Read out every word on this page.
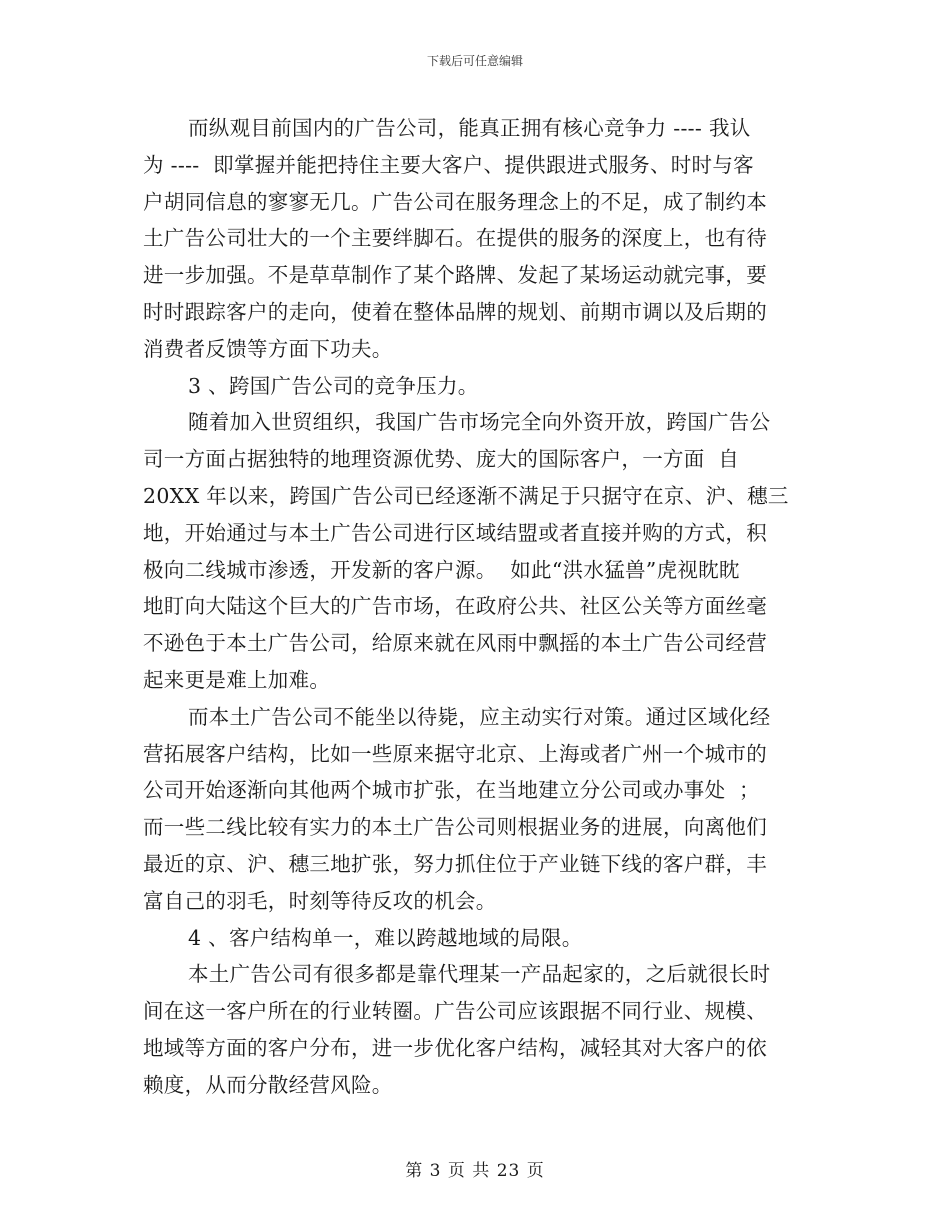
下载后可任意编辑
而纵观目前国内的广告公司，能真正拥有核心竞争力 ---- 我认
为 ----  即掌握并能把持住主要大客户、提供跟进式服务、时时与客
户胡同信息的寥寥无几。广告公司在服务理念上的不足，成了制约本
土广告公司壮大的一个主要绊脚石。在提供的服务的深度上，也有待
进一步加强。不是草草制作了某个路牌、发起了某场运动就完事，要
时时跟踪客户的走向，使着在整体品牌的规划、前期市调以及后期的
消费者反馈等方面下功夫。
3 、跨国广告公司的竞争压力。
随着加入世贸组织，我国广告市场完全向外资开放，跨国广告公
司一方面占据独特的地理资源优势、庞大的国际客户，一方面  自
20XX 年以来，跨国广告公司已经逐渐不满足于只据守在京、沪、穗三
地，开始通过与本土广告公司进行区域结盟或者直接并购的方式，积
极向二线城市渗透，开发新的客户源。  如此“洪水猛兽”虎视眈眈
地盯向大陆这个巨大的广告市场，在政府公共、社区公关等方面丝毫
不逊色于本土广告公司，给原来就在风雨中飘摇的本土广告公司经营
起来更是难上加难。
而本土广告公司不能坐以待毙，应主动实行对策。通过区域化经
营拓展客户结构，比如一些原来据守北京、上海或者广州一个城市的
公司开始逐渐向其他两个城市扩张，在当地建立分公司或办事处  ；
而一些二线比较有实力的本土广告公司则根据业务的进展，向离他们
最近的京、沪、穗三地扩张，努力抓住位于产业链下线的客户群，丰
富自己的羽毛，时刻等待反攻的机会。
4 、客户结构单一，难以跨越地域的局限。
本土广告公司有很多都是靠代理某一产品起家的，之后就很长时
间在这一客户所在的行业转圈。广告公司应该跟据不同行业、规模、
地域等方面的客户分布，进一步优化客户结构，减轻其对大客户的依
赖度，从而分散经营风险。
第 3 页 共 23 页
